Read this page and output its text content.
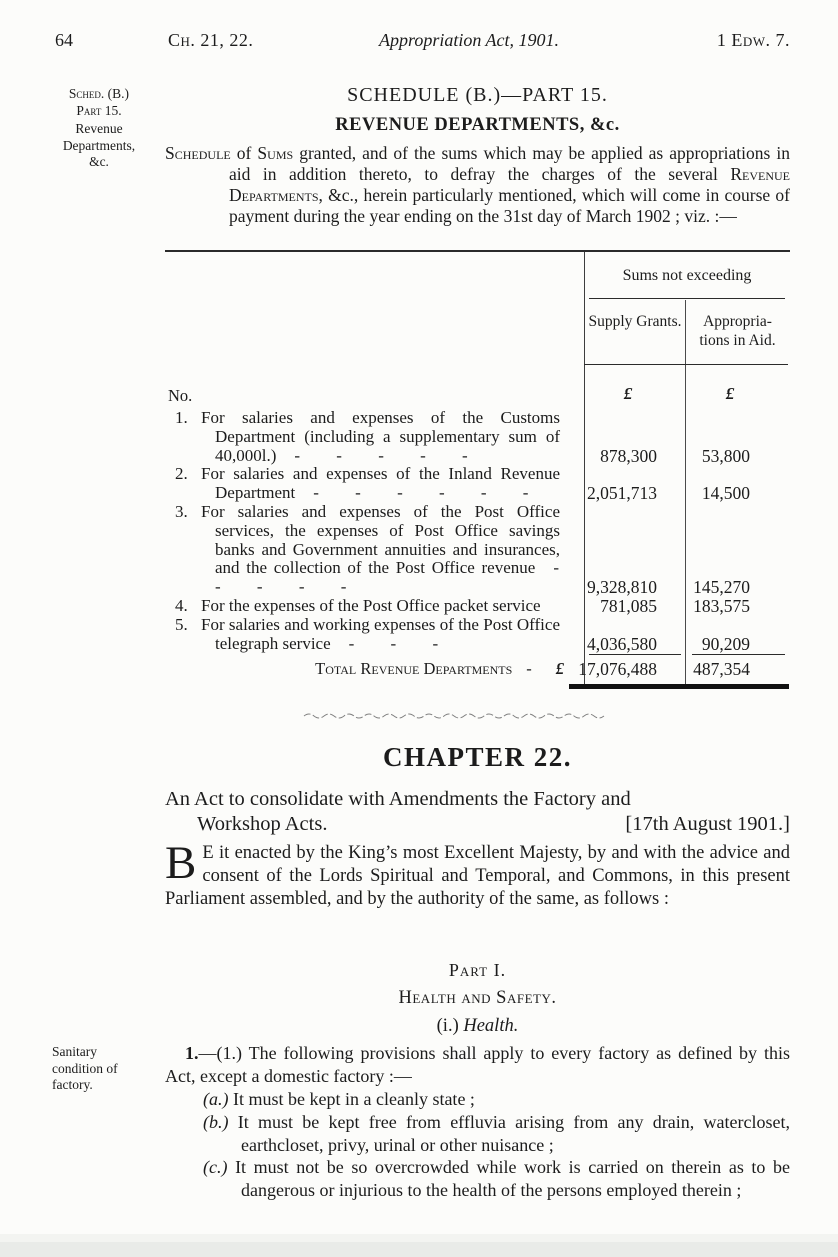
64	Ch. 21, 22.	Appropriation Act, 1901.	1 Edw. 7.
Sched. (B.)
Part 15.
Revenue
Departments,
&c.
Sanitary
condition of
factory.
SCHEDULE (B.)—PART 15.
REVENUE DEPARTMENTS, &c.
Schedule of Sums granted, and of the sums which may be applied as appropriations in aid in addition thereto, to defray the charges of the several Revenue Departments, &c., herein particularly mentioned, which will come in course of payment during the year ending on the 31st day of March 1902 ; viz. :—
Sums not exceeding
Supply Grants.	Appropria- tions in Aid.
No.	£	£
1. For salaries and expenses of the Customs Department (including a supplementary sum of 40,000l.) - - - - -	878,300	53,800
2. For salaries and expenses of the Inland Revenue Department - - - - - -	2,051,713	14,500
3. For salaries and expenses of the Post Office services, the expenses of Post Office savings banks and Government annuities and insurances, and the collection of the Post Office revenue - - - - -	9,328,810	145,270
4. For the expenses of the Post Office packet service	781,085	183,575
5. For salaries and working expenses of the Post Office telegraph service - - -	4,036,580	90,209
Total Revenue Departments - £ 17,076,488	487,354
CHAPTER 22.
An Act to consolidate with Amendments the Factory and
Workshop Acts.	[17th August 1901.]
B E it enacted by the King’s most Excellent Majesty, by and with the advice and consent of the Lords Spiritual and Temporal, and Commons, in this present Parliament assembled, and by the authority of the same, as follows :
Part I.
Health and Safety.
(i.) Health.
1.—(1.) The following provisions shall apply to every factory as defined by this Act, except a domestic factory :—
(a.) It must be kept in a cleanly state ;
(b.) It must be kept free from effluvia arising from any drain, watercloset, earthcloset, privy, urinal or other nuisance ;
(c.) It must not be so overcrowded while work is carried on therein as to be dangerous or injurious to the health of the persons employed therein ;
